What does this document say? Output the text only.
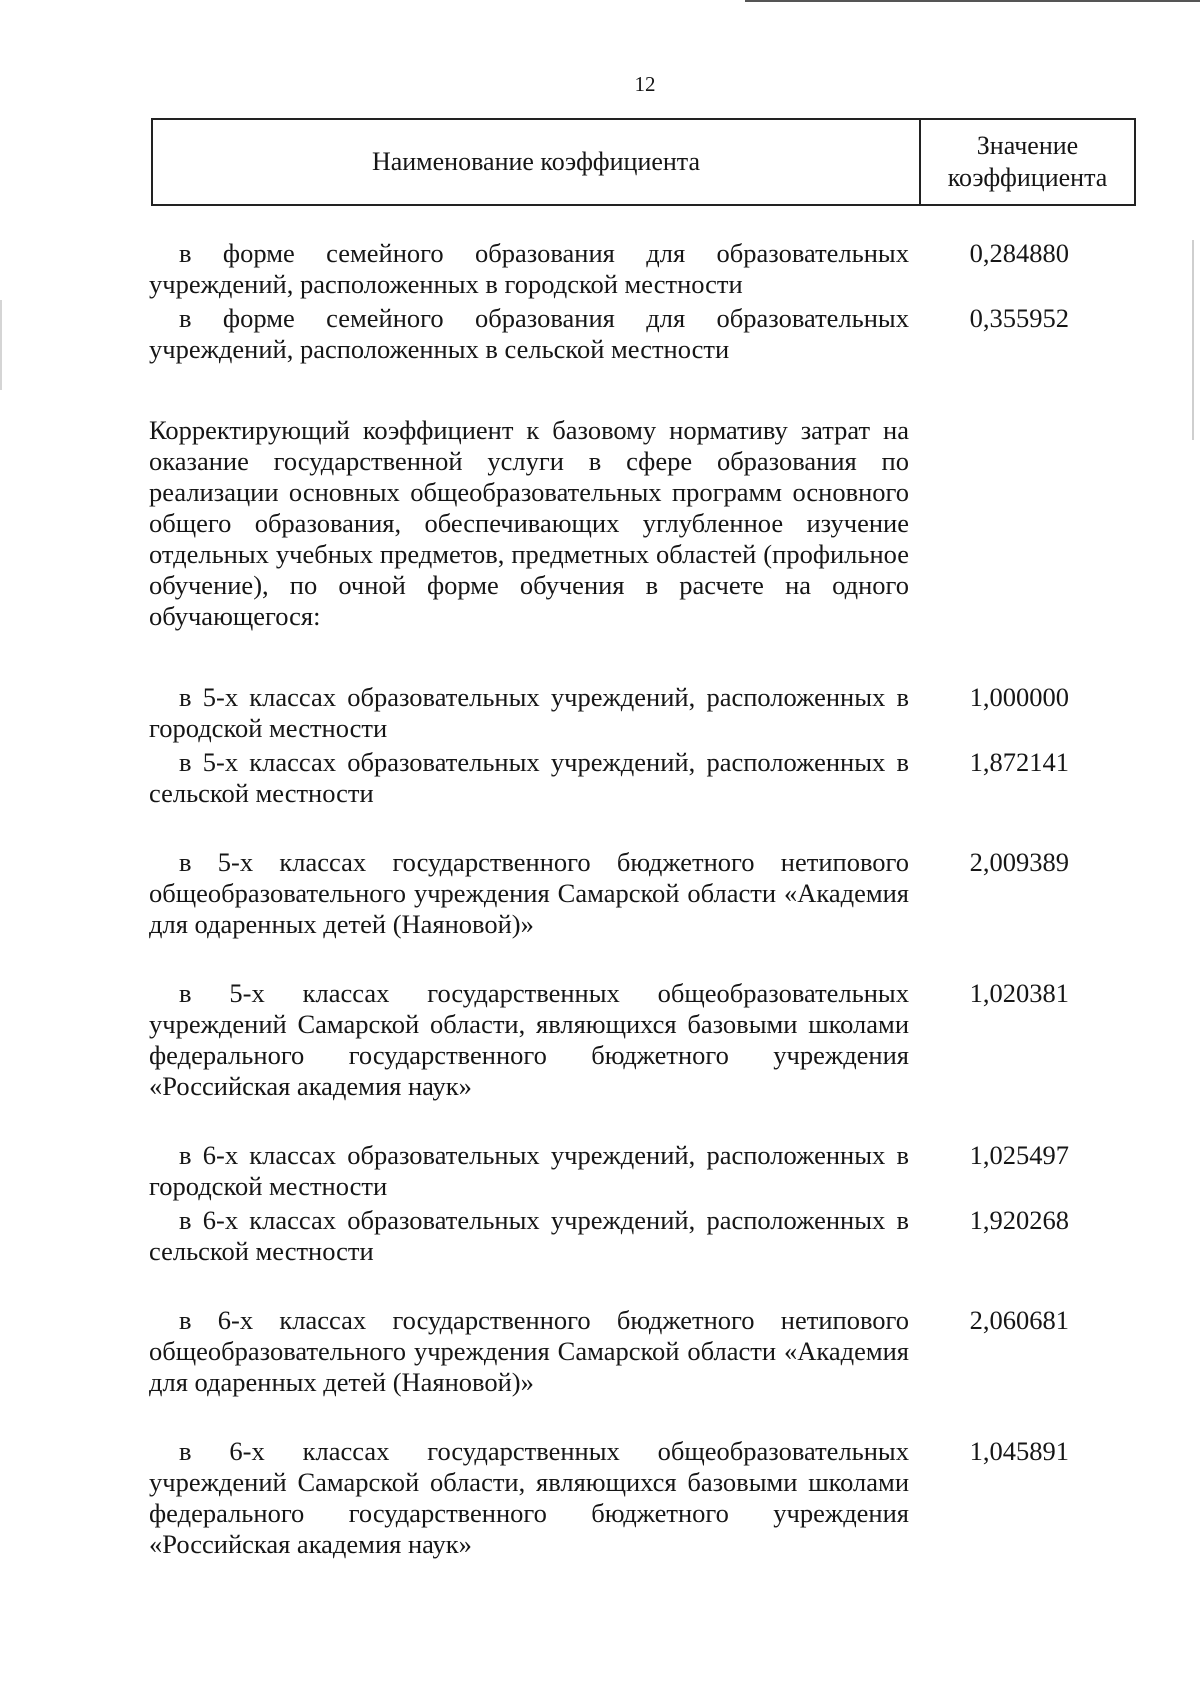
12
Наименование коэффициента
Значение коэффициента
в форме семейного образования для образовательных учреждений, расположенных в городской местности
0,284880
в форме семейного образования для образовательных учреждений, расположенных в сельской местности
0,355952
Корректирующий коэффициент к базовому нормативу затрат на оказание государственной услуги в сфере образования по реализации основных общеобразовательных программ основного общего образования, обеспечивающих углубленное изучение отдельных учебных предметов, предметных областей (профильное обучение), по очной форме обучения в расчете на одного обучающегося:
в 5-х классах образовательных учреждений, расположенных в городской местности
1,000000
в 5-х классах образовательных учреждений, расположенных в сельской местности
1,872141
в 5-х классах государственного бюджетного нетипового общеобразовательного учреждения Самарской области «Академия для одаренных детей (Наяновой)»
2,009389
в 5-х классах государственных общеобразовательных учреждений Самарской области, являющихся базовыми школами федерального государственного бюджетного учреждения «Российская академия наук»
1,020381
в 6-х классах образовательных учреждений, расположенных в городской местности
1,025497
в 6-х классах образовательных учреждений, расположенных в сельской местности
1,920268
в 6-х классах государственного бюджетного нетипового общеобразовательного учреждения Самарской области «Академия для одаренных детей (Наяновой)»
2,060681
в 6-х классах государственных общеобразовательных учреждений Самарской области, являющихся базовыми школами федерального государственного бюджетного учреждения «Российская академия наук»
1,045891
